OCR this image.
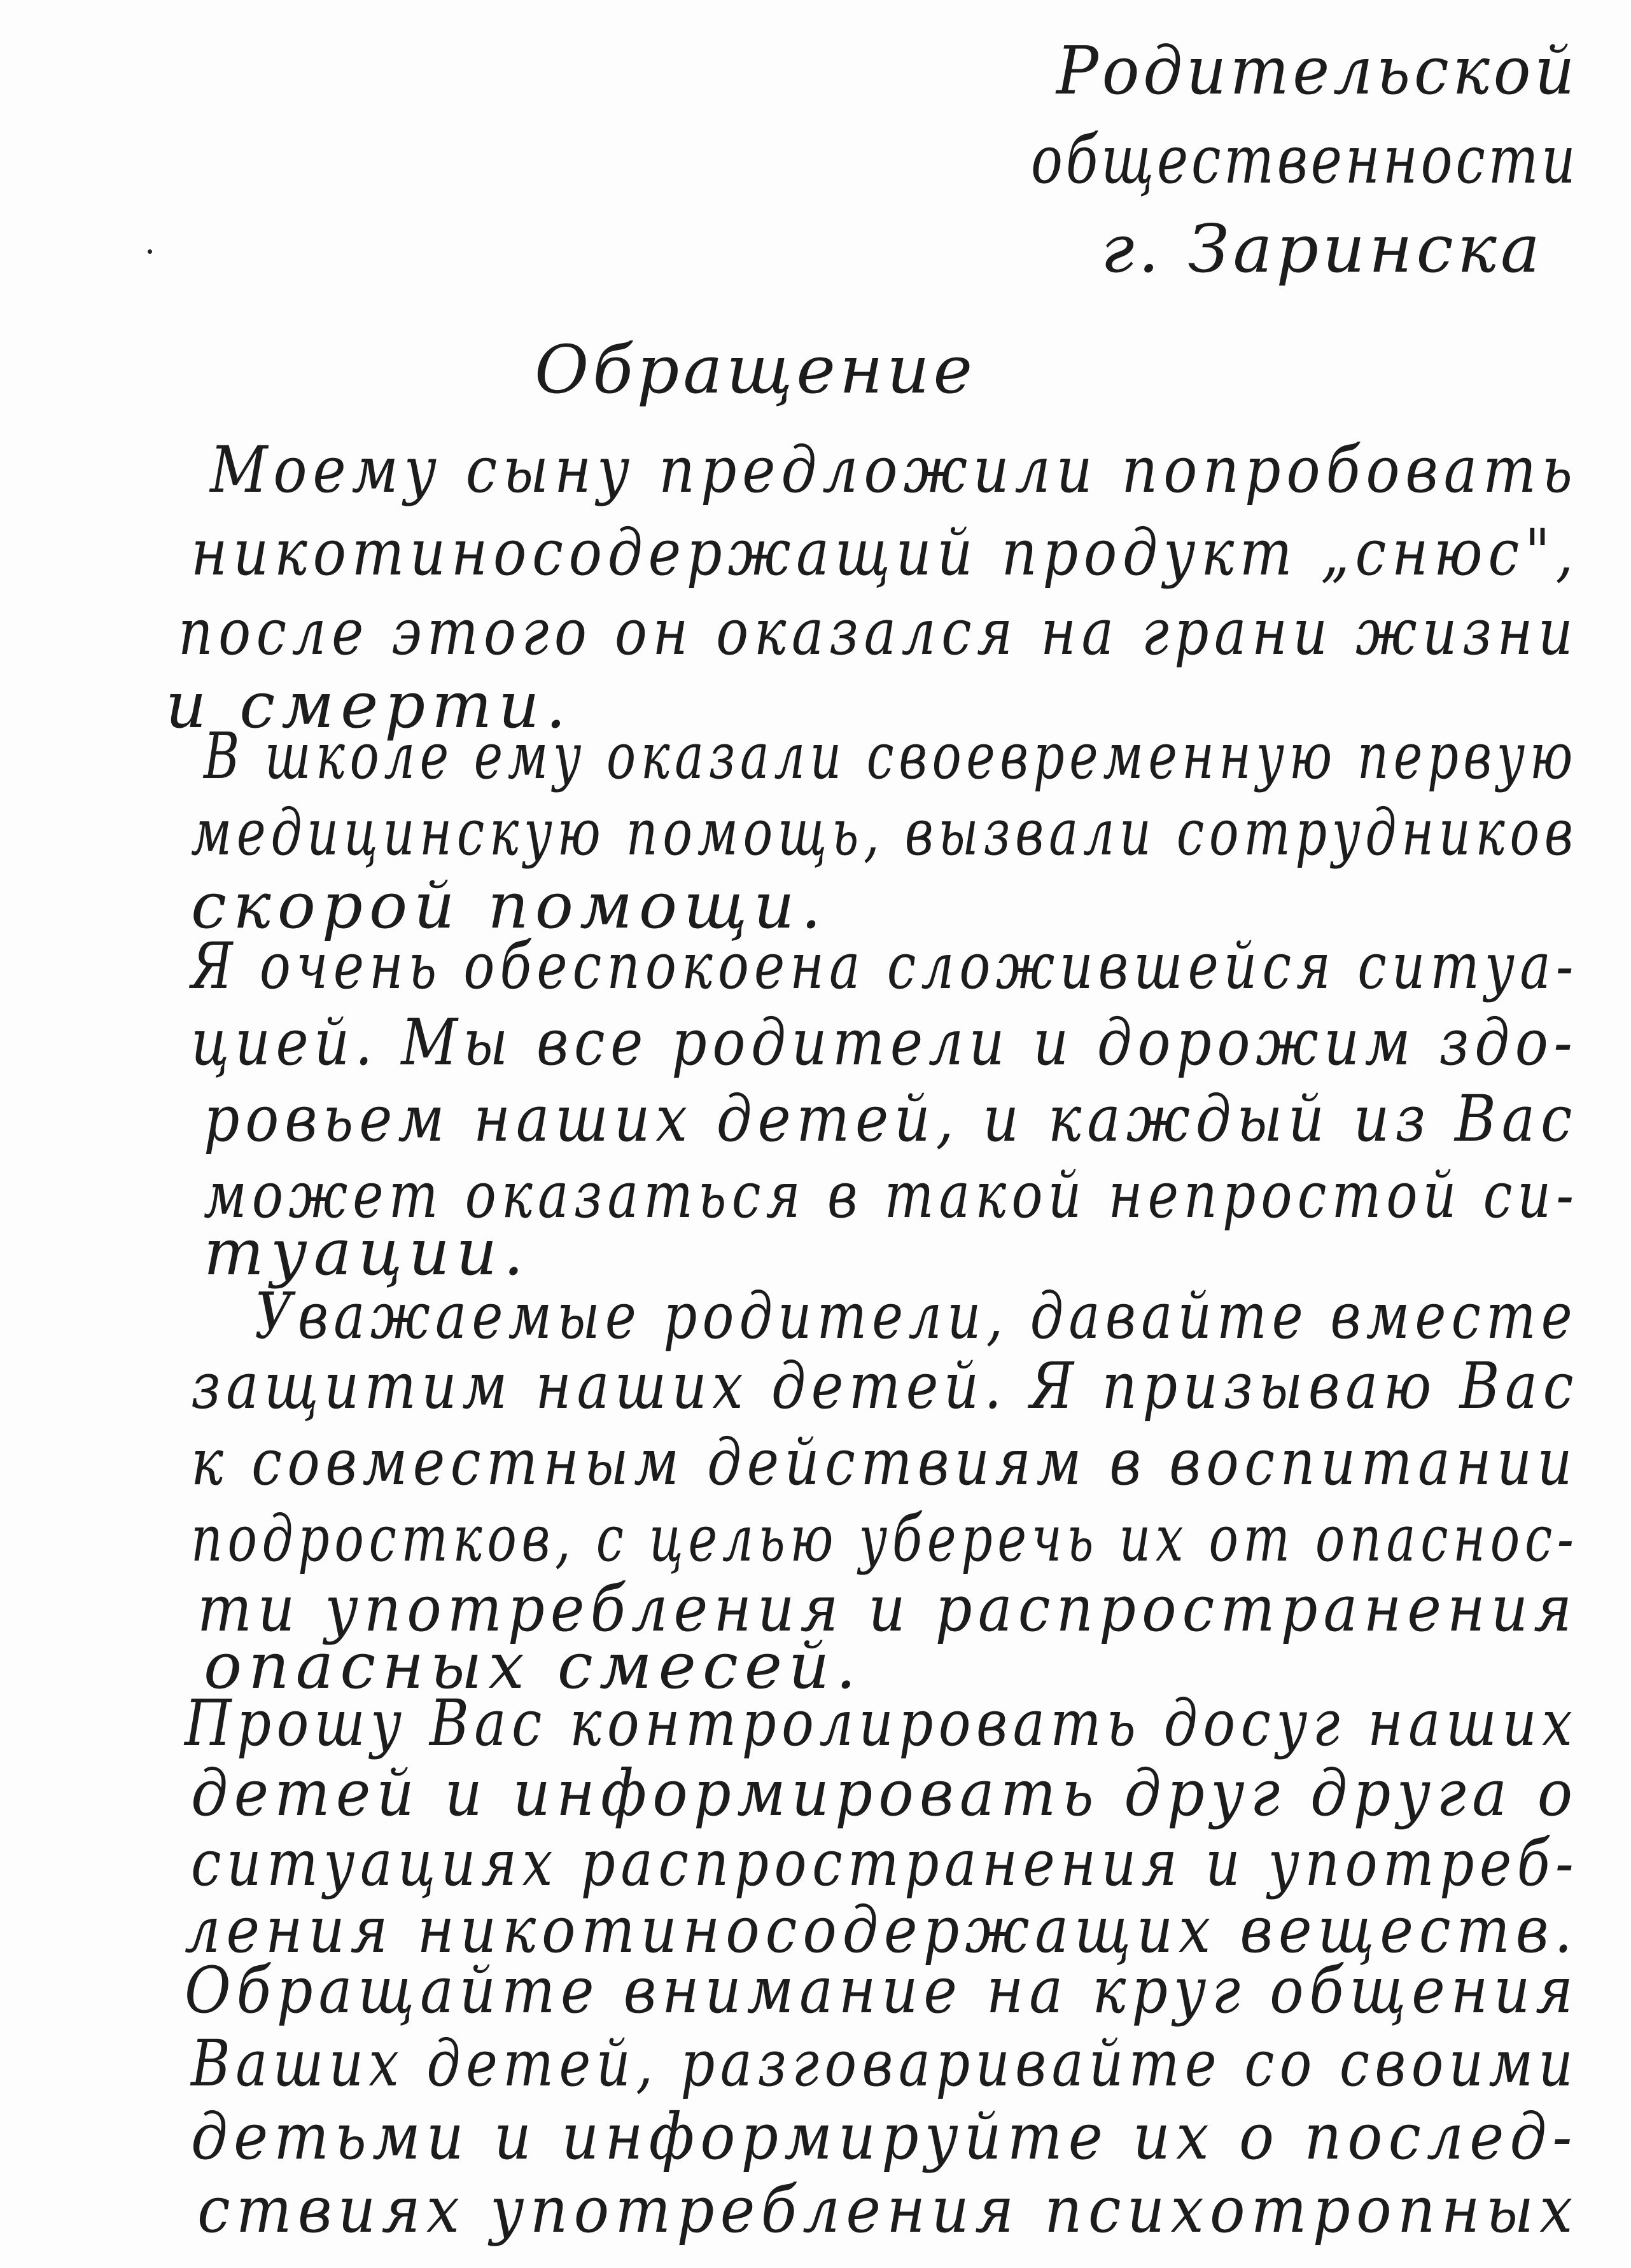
Родительской
общественности
г. Заринска
Обращение
Моему сыну предложили попробовать
никотиносодержащий продукт „снюс",
после этого он оказался на грани жизни
и смерти.
В школе ему оказали своевременную первую
медицинскую помощь, вызвали сотрудников
скорой помощи.
Я очень обеспокоена сложившейся ситуа-
цией. Мы все родители и дорожим здо-
ровьем наших детей, и каждый из Вас
может оказаться в такой непростой си-
туации.
Уважаемые родители, давайте вместе
защитим наших детей. Я призываю Вас
к совместным действиям в воспитании
подростков, с целью уберечь их от опаснос-
ти употребления и распространения
опасных смесей.
Прошу Вас контролировать досуг наших
детей и информировать друг друга о
ситуациях распространения и употреб-
ления никотиносодержащих веществ.
Обращайте внимание на круг общения
Ваших детей, разговаривайте со своими
детьми и информируйте их о послед-
ствиях употребления психотропных
